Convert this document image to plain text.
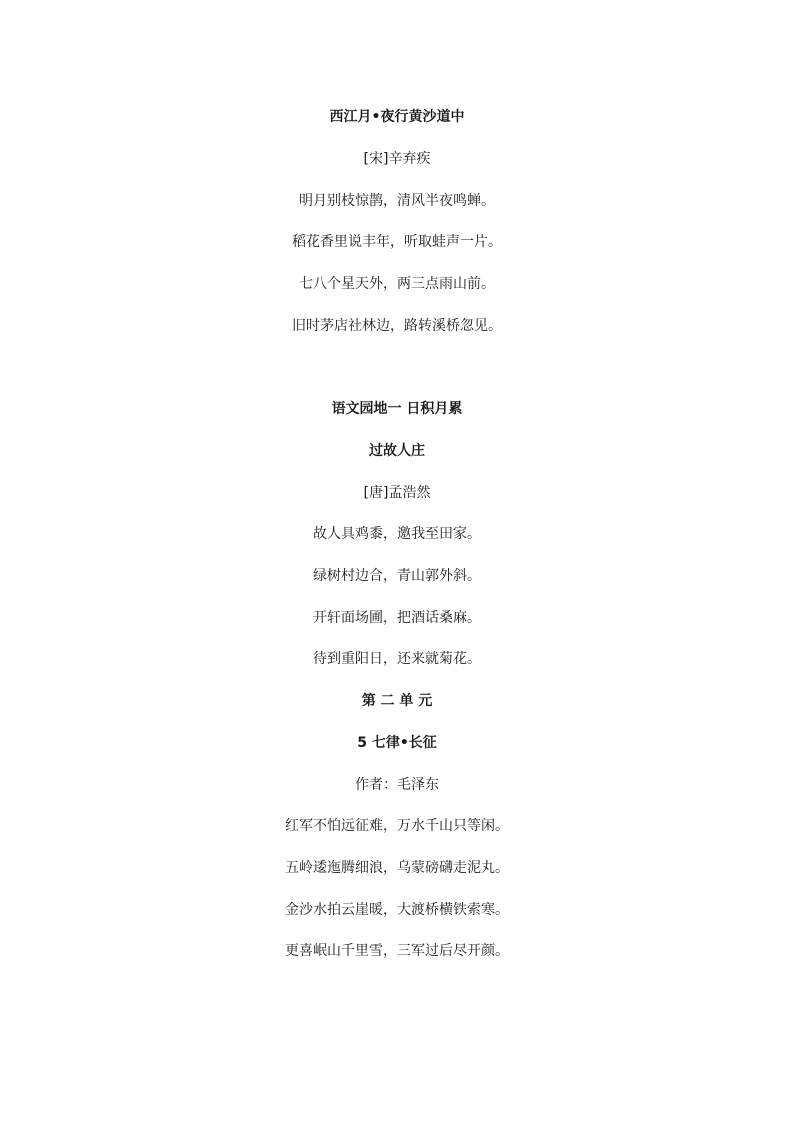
西江月•夜行黄沙道中
[宋]辛弃疾
明月别枝惊鹊，清风半夜鸣蝉。
稻花香里说丰年，听取蛙声一片。
七八个星天外，两三点雨山前。
旧时茅店社林边，路转溪桥忽见。
语文园地一 日积月累
过故人庄
[唐]孟浩然
故人具鸡黍，邀我至田家。
绿树村边合，青山郭外斜。
开轩面场圃，把酒话桑麻。
待到重阳日，还来就菊花。
第 二 单 元
5 七律•长征
作者：毛泽东
红军不怕远征难，万水千山只等闲。
五岭逶迤腾细浪，乌蒙磅礴走泥丸。
金沙水拍云崖暖，大渡桥横铁索寒。
更喜岷山千里雪，三军过后尽开颜。
